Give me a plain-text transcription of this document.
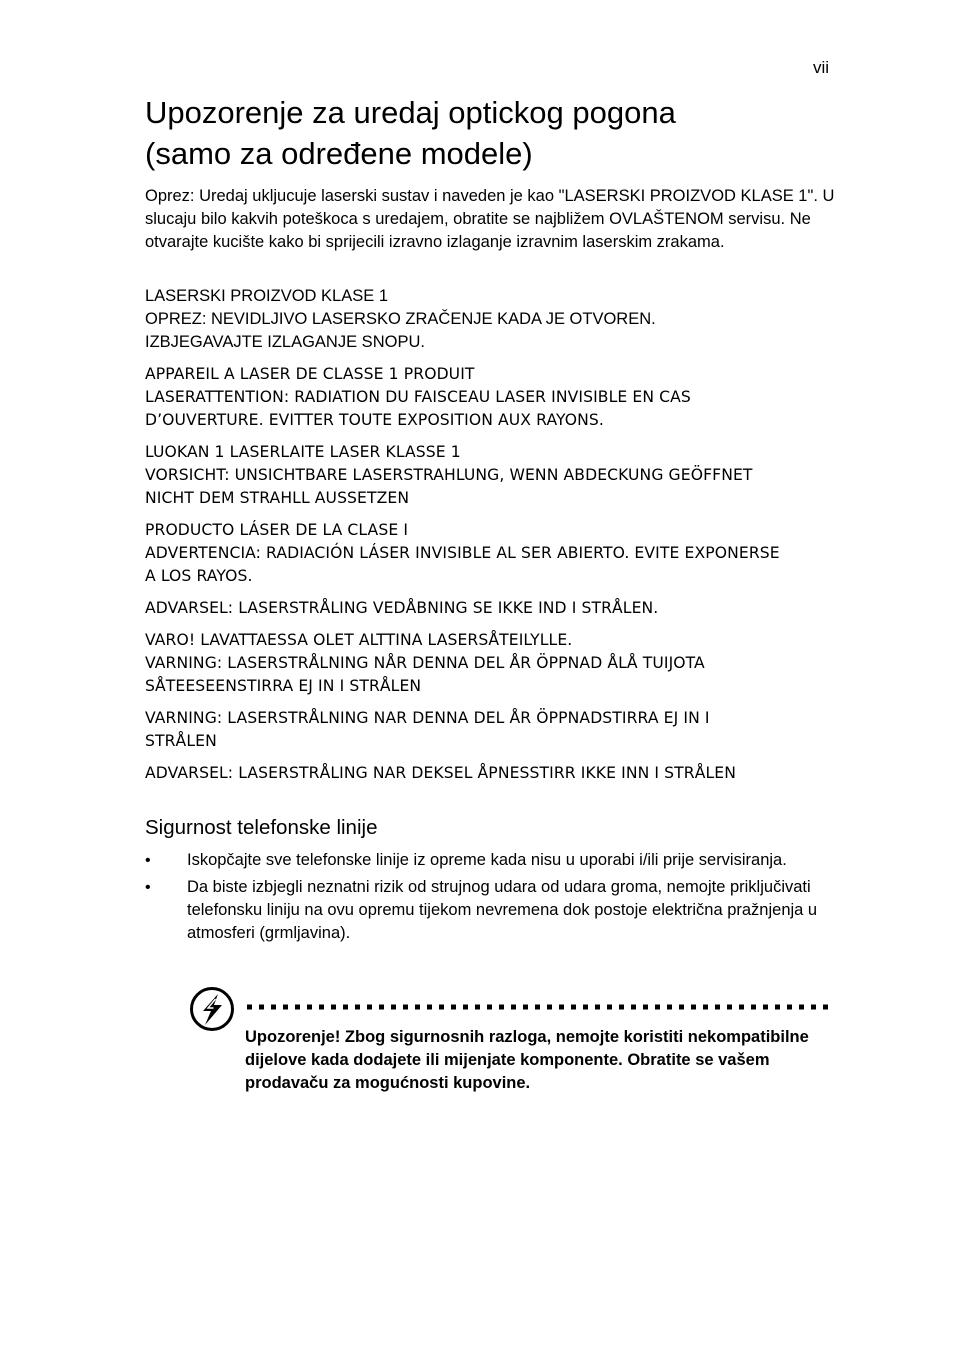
vii
Upozorenje za uredaj optickog pogona
(samo za određene modele)

Oprez: Uredaj ukljucuje laserski sustav i naveden je kao "LASERSKI PROIZVOD KLASE 1". U slucaju bilo kakvih poteškoca s uredajem, obratite se najbližem OVLAŠTENOM servisu. Ne otvarajte kucište kako bi sprijecili izravno izlaganje izravnim laserskim zrakama.

LASERSKI PROIZVOD KLASE 1
OPREZ: NEVIDLJIVO LASERSKO ZRAČENJE KADA JE OTVOREN.
IZBJEGAVAJTE IZLAGANJE SNOPU.

APPAREIL A LASER DE CLASSE 1 PRODUIT
LASERATTENTION: RADIATION DU FAISCEAU LASER INVISIBLE EN CAS
D’OUVERTURE. EVITTER TOUTE EXPOSITION AUX RAYONS.

LUOKAN 1 LASERLAITE LASER KLASSE 1
VORSICHT: UNSICHTBARE LASERSTRAHLUNG, WENN ABDECKUNG GEÖFFNET
NICHT DEM STRAHLL AUSSETZEN

PRODUCTO LÁSER DE LA CLASE I
ADVERTENCIA: RADIACIÓN LÁSER INVISIBLE AL SER ABIERTO. EVITE EXPONERSE
A LOS RAYOS.

ADVARSEL: LASERSTRÅLING VEDÅBNING SE IKKE IND I STRÅLEN.

VARO! LAVATTAESSA OLET ALTTINA LASERSÅTEILYLLE.
VARNING: LASERSTRÅLNING NÅR DENNA DEL ÅR ÖPPNAD ÅLÅ TUIJOTA
SÅTEESEENSTIRRA EJ IN I STRÅLEN

VARNING: LASERSTRÅLNING NAR DENNA DEL ÅR ÖPPNADSTIRRA EJ IN I
STRÅLEN

ADVARSEL: LASERSTRÅLING NAR DEKSEL ÅPNESSTIRR IKKE INN I STRÅLEN

Sigurnost telefonske linije
• Iskopčajte sve telefonske linije iz opreme kada nisu u uporabi i/ili prije servisiranja.
• Da biste izbjegli neznatni rizik od strujnog udara od udara groma, nemojte priključivati telefonsku liniju na ovu opremu tijekom nevremena dok postoje električna pražnjenja u atmosferi (grmljavina).

Upozorenje! Zbog sigurnosnih razloga, nemojte koristiti nekompatibilne dijelove kada dodajete ili mijenjate komponente. Obratite se vašem prodavaču za mogućnosti kupovine.
